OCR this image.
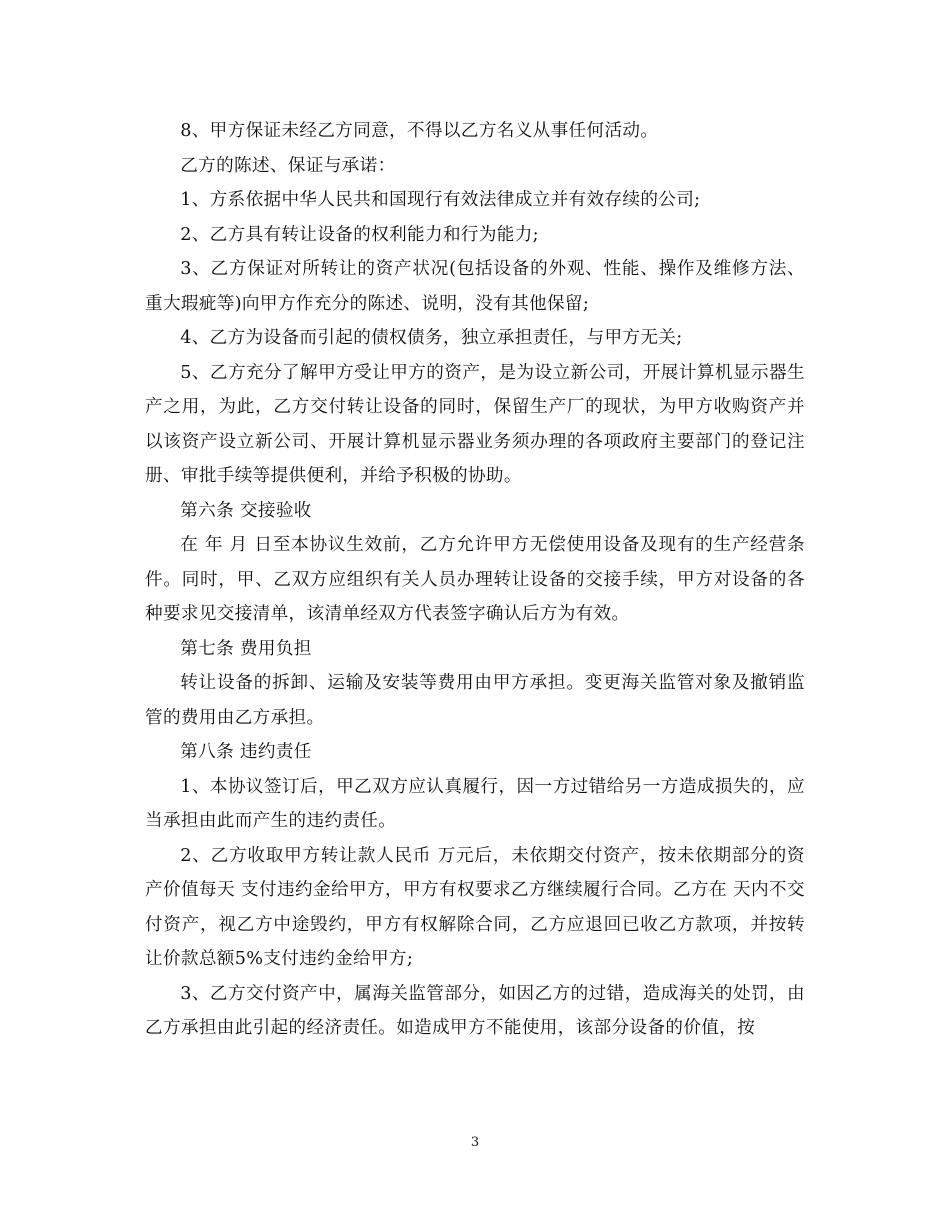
8、甲方保证未经乙方同意，不得以乙方名义从事任何活动。

乙方的陈述、保证与承诺：

1、方系依据中华人民共和国现行有效法律成立并有效存续的公司;

2、乙方具有转让设备的权利能力和行为能力;

3、乙方保证对所转让的资产状况(包括设备的外观、性能、操作及维修方法、重大瑕疵等)向甲方作充分的陈述、说明，没有其他保留;

4、乙方为设备而引起的债权债务，独立承担责任，与甲方无关;

5、乙方充分了解甲方受让甲方的资产，是为设立新公司，开展计算机显示器生产之用，为此，乙方交付转让设备的同时，保留生产厂的现状，为甲方收购资产并以该资产设立新公司、开展计算机显示器业务须办理的各项政府主要部门的登记注册、审批手续等提供便利，并给予积极的协助。

第六条 交接验收

在 年 月 日至本协议生效前，乙方允许甲方无偿使用设备及现有的生产经营条件。同时，甲、乙双方应组织有关人员办理转让设备的交接手续，甲方对设备的各种要求见交接清单，该清单经双方代表签字确认后方为有效。

第七条 费用负担

转让设备的拆卸、运输及安装等费用由甲方承担。变更海关监管对象及撤销监管的费用由乙方承担。

第八条 违约责任

1、本协议签订后，甲乙双方应认真履行，因一方过错给另一方造成损失的，应当承担由此而产生的违约责任。

2、乙方收取甲方转让款人民币 万元后，未依期交付资产，按未依期部分的资产价值每天 支付违约金给甲方，甲方有权要求乙方继续履行合同。乙方在 天内不交付资产，视乙方中途毁约，甲方有权解除合同，乙方应退回已收乙方款项，并按转让价款总额5%支付违约金给甲方;

3、乙方交付资产中，属海关监管部分，如因乙方的过错，造成海关的处罚，由乙方承担由此引起的经济责任。如造成甲方不能使用，该部分设备的价值，按

3
